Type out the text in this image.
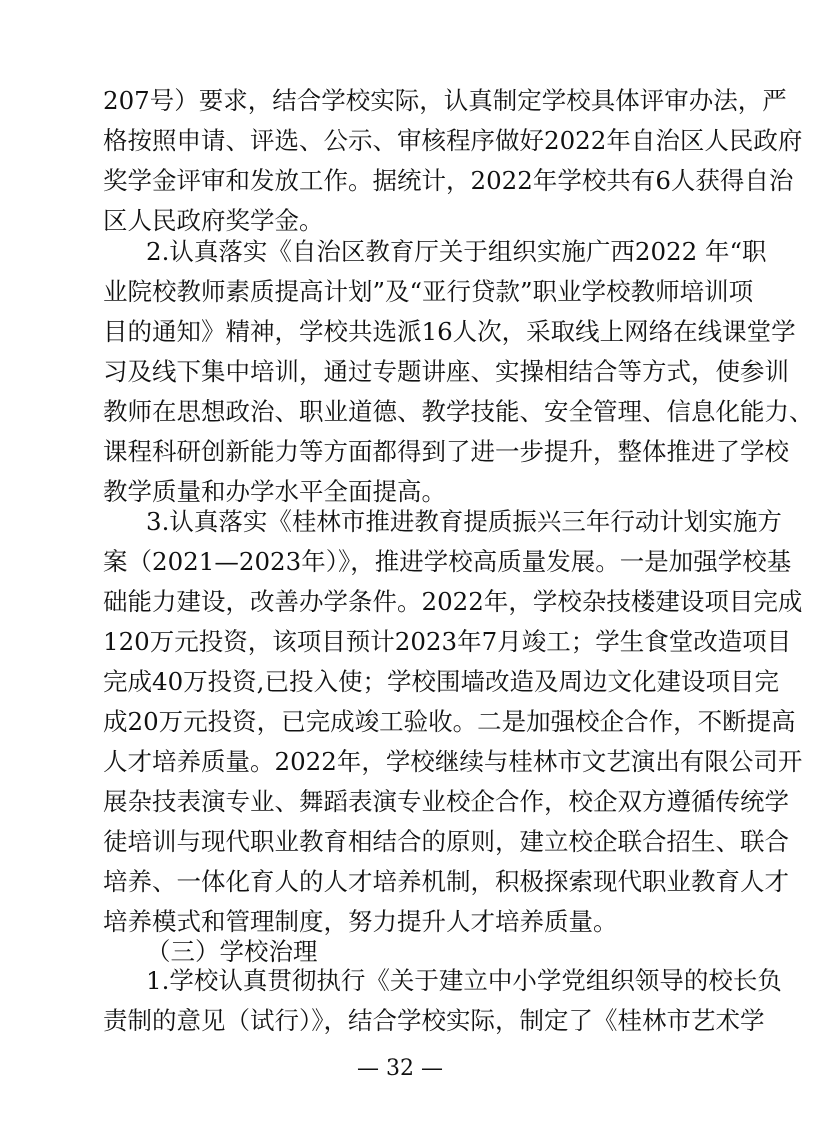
207号）要求，结合学校实际，认真制定学校具体评审办法，严
格按照申请、评选、公示、审核程序做好2022年自治区人民政府
奖学金评审和发放工作。据统计，2022年学校共有6人获得自治
区人民政府奖学金。
2.认真落实《自治区教育厅关于组织实施广西2022 年“职
业院校教师素质提高计划”及“亚行贷款”职业学校教师培训项
目的通知》精神，学校共选派16人次，采取线上网络在线课堂学
习及线下集中培训，通过专题讲座、实操相结合等方式，使参训
教师在思想政治、职业道德、教学技能、安全管理、信息化能力、
课程科研创新能力等方面都得到了进一步提升，整体推进了学校
教学质量和办学水平全面提高。
3.认真落实《桂林市推进教育提质振兴三年行动计划实施方
案（2021—2023年）》，推进学校高质量发展。一是加强学校基
础能力建设，改善办学条件。2022年，学校杂技楼建设项目完成
120万元投资，该项目预计2023年7月竣工；学生食堂改造项目
完成40万投资,已投入使；学校围墙改造及周边文化建设项目完
成20万元投资，已完成竣工验收。二是加强校企合作，不断提高
人才培养质量。2022年，学校继续与桂林市文艺演出有限公司开
展杂技表演专业、舞蹈表演专业校企合作，校企双方遵循传统学
徒培训与现代职业教育相结合的原则，建立校企联合招生、联合
培养、一体化育人的人才培养机制，积极探索现代职业教育人才
培养模式和管理制度，努力提升人才培养质量。
（三）学校治理
1.学校认真贯彻执行《关于建立中小学党组织领导的校长负
责制的意见（试行）》，结合学校实际，制定了《桂林市艺术学
— 32 —
